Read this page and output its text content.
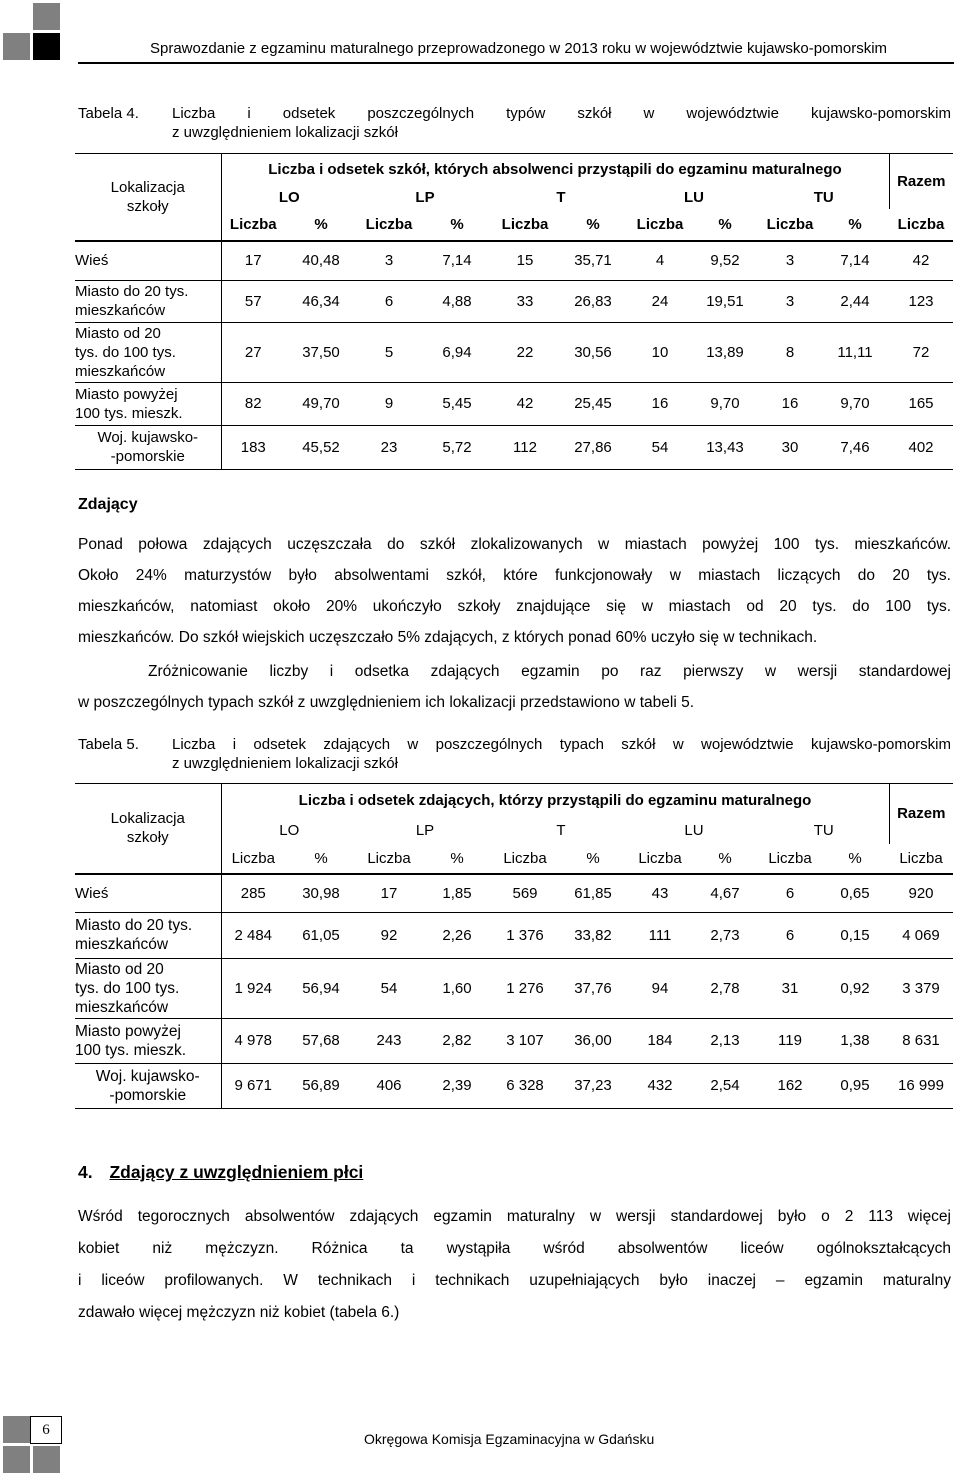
Sprawozdanie z egzaminu maturalnego przeprowadzonego w 2013 roku w województwie kujawsko-pomorskim
Tabela 4. Liczba i odsetek poszczególnych typów szkół w województwie kujawsko-pomorskim
z uwzględnieniem lokalizacji szkół
Lokalizacja szkoły	Liczba i odsetek szkół, których absolwenci przystąpili do egzaminu maturalnego										Razem
	LO		LP		T		LU		TU		
	Liczba	%	Liczba	%	Liczba	%	Liczba	%	Liczba	%	Liczba
Wieś	17	40,48	3	7,14	15	35,71	4	9,52	3	7,14	42
Miasto do 20 tys.
mieszkańców	57	46,34	6	4,88	33	26,83	24	19,51	3	2,44	123
Miasto od 20
tys. do 100 tys.
mieszkańców	27	37,50	5	6,94	22	30,56	10	13,89	8	11,11	72
Miasto powyżej
100 tys. mieszk.	82	49,70	9	5,45	42	25,45	16	9,70	16	9,70	165
Woj. kujawsko-
-pomorskie	183	45,52	23	5,72	112	27,86	54	13,43	30	7,46	402
Zdający
Ponad połowa zdających uczęszczała do szkół zlokalizowanych w miastach powyżej 100 tys. mieszkańców.
Około 24% maturzystów było absolwentami szkół, które funkcjonowały w miastach liczących do 20 tys.
mieszkańców, natomiast około 20% ukończyło szkoły znajdujące się w miastach od 20 tys. do 100 tys.
mieszkańców. Do szkół wiejskich uczęszczało 5% zdających, z których ponad 60% uczyło się w technikach.
Zróżnicowanie liczby i odsetka zdających egzamin po raz pierwszy w wersji standardowej
w poszczególnych typach szkół z uwzględnieniem ich lokalizacji przedstawiono w tabeli 5.
Tabela 5. Liczba i odsetek zdających w poszczególnych typach szkół w województwie kujawsko-pomorskim
z uwzględnieniem lokalizacji szkół
Lokalizacja szkoły	Liczba i odsetek zdających, którzy przystąpili do egzaminu maturalnego										Razem
	LO		LP		T		LU		TU		
	Liczba	%	Liczba	%	Liczba	%	Liczba	%	Liczba	%	Liczba
Wieś	285	30,98	17	1,85	569	61,85	43	4,67	6	0,65	920
Miasto do 20 tys.
mieszkańców	2 484	61,05	92	2,26	1 376	33,82	111	2,73	6	0,15	4 069
Miasto od 20
tys. do 100 tys.
mieszkańców	1 924	56,94	54	1,60	1 276	37,76	94	2,78	31	0,92	3 379
Miasto powyżej
100 tys. mieszk.	4 978	57,68	243	2,82	3 107	36,00	184	2,13	119	1,38	8 631
Woj. kujawsko-
-pomorskie	9 671	56,89	406	2,39	6 328	37,23	432	2,54	162	0,95	16 999
4. Zdający z uwzględnieniem płci
Wśród tegorocznych absolwentów zdających egzamin maturalny w wersji standardowej było o 2 113 więcej
kobiet niż mężczyzn. Różnica ta wystąpiła wśród absolwentów liceów ogólnokształcących
i liceów profilowanych. W technikach i technikach uzupełniających było inaczej – egzamin maturalny
zdawało więcej mężczyzn niż kobiet (tabela 6.)
6
Okręgowa Komisja Egzaminacyjna w Gdańsku
